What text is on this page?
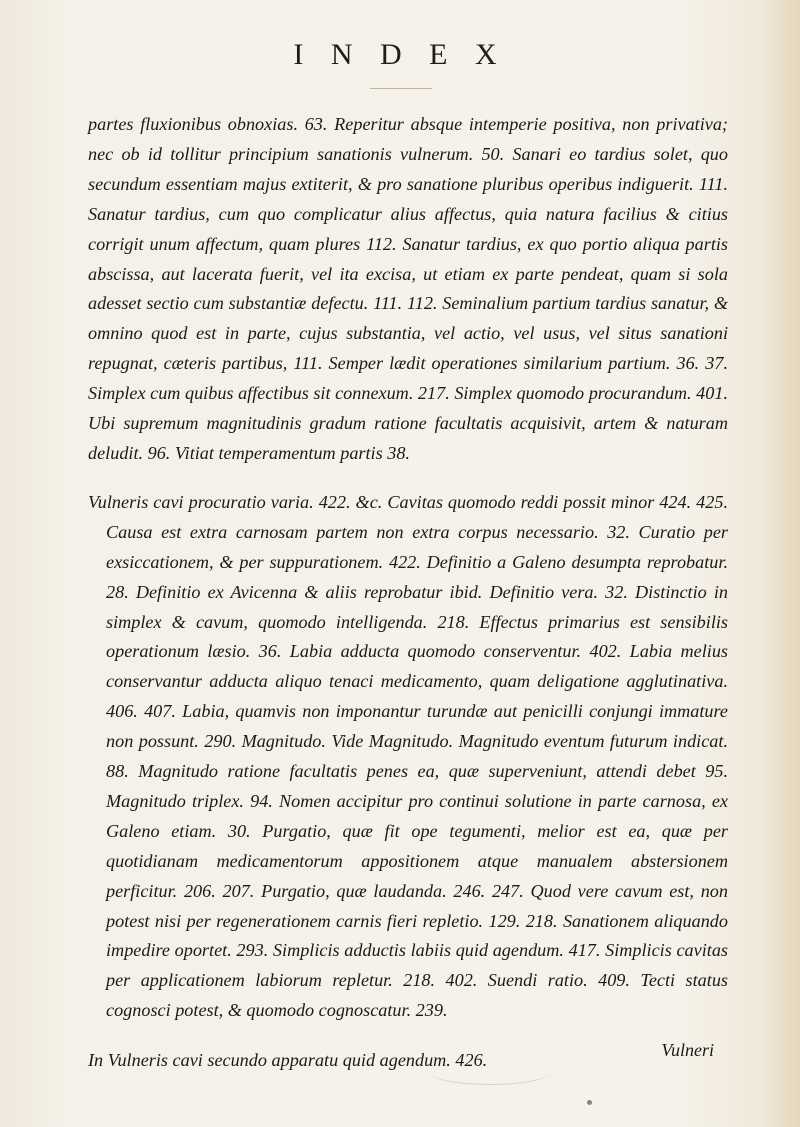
I N D E X

partes fluxionibus obnoxias. 63. Reperitur absque intemperie positiva, non privativa; nec ob id tollitur principium sanationis vulnerum. 50. Sanari eo tardius solet, quo secundum essentiam majus extiterit, & pro sanatione pluribus operibus indiguerit. 111. Sanatur tardius, cum quo complicatur alius affectus, quia natura facilius & citius corrigit unum affectum, quam plures 112. Sanatur tardius, ex quo portio aliqua partis abscissa, aut lacerata fuerit, vel ita excisa, ut etiam ex parte pendeat, quam si sola adesset sectio cum substantiæ defectu. 111. 112. Seminalium partium tardius sanatur, & omnino quod est in parte, cujus substantia, vel actio, vel usus, vel situs sanationi repugnat, cæteris partibus, 111. Semper lædit operationes similarium partium. 36. 37. Simplex cum quibus affectibus sit connexum. 217. Simplex quomodo procurandum. 401. Ubi supremum magnitudinis gradum ratione facultatis acquisivit, artem & naturam deludit. 96. Vitiat temperamentum partis 38.

Vulneris cavi procuratio varia. 422. &c. Cavitas quomodo reddi possit minor 424. 425. Causa est extra carnosam partem non extra corpus necessario. 32. Curatio per exsiccationem, & per suppurationem. 422. Definitio a Galeno desumpta reprobatur. 28. Definitio ex Avicenna & aliis reprobatur ibid. Definitio vera. 32. Distinctio in simplex & cavum, quomodo intelligenda. 218. Effectus primarius est sensibilis operationum læsio. 36. Labia adducta quomodo conserventur. 402. Labia melius conservantur adducta aliquo tenaci medicamento, quam deligatione agglutinativa. 406. 407. Labia, quamvis non imponantur turundæ aut penicilli conjungi immature non possunt. 290. Magnitudo. Vide Magnitudo. Magnitudo eventum futurum indicat. 88. Magnitudo ratione facultatis penes ea, quæ superveniunt, attendi debet 95. Magnitudo triplex. 94. Nomen accipitur pro continui solutione in parte carnosa, ex Galeno etiam. 30. Purgatio, quæ fit ope tegumenti, melior est ea, quæ per quotidianam medicamentorum appositionem atque manualem abstersionem perficitur. 206. 207. Purgatio, quæ laudanda. 246. 247. Quod vere cavum est, non potest nisi per regenerationem carnis fieri repletio. 129. 218. Sanationem aliquando impedire oportet. 293. Simplicis adductis labiis quid agendum. 417. Simplicis cavitas per applicationem labiorum repletur. 218. 402. Suendi ratio. 409. Tecti status cognosci potest, & quomodo cognoscatur. 239.

In Vulneris cavi secundo apparatu quid agendum. 426.

Vulneri
